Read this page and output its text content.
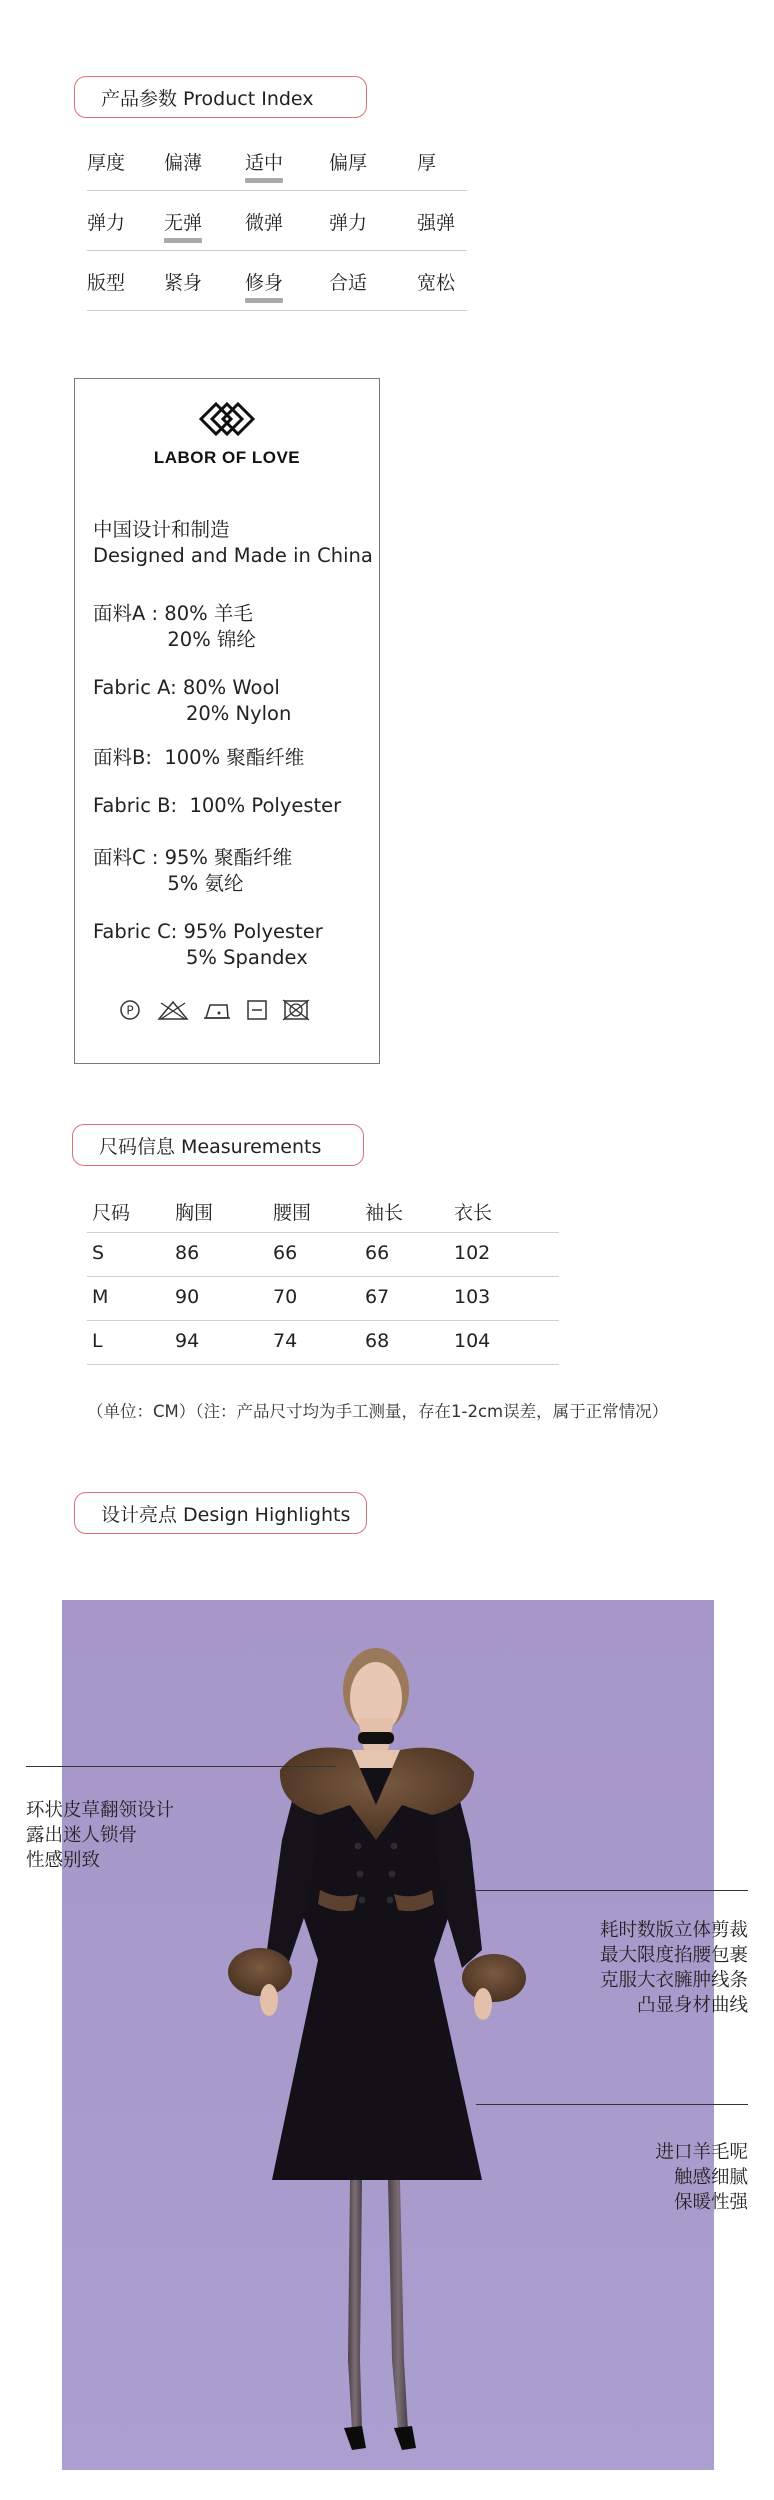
产品参数 Product Index
厚度	偏薄	适中	偏厚	厚
弹力	无弹	微弹	弹力	强弹
版型	紧身	修身	合适	宽松
LABOR OF LOVE
中国设计和制造
Designed and Made in China
面料A : 80% 羊毛
20% 锦纶
Fabric A: 80% Wool
20% Nylon
面料B:  100% 聚酯纤维
Fabric B:  100% Polyester
面料C : 95% 聚酯纤维
5% 氨纶
Fabric C: 95% Polyester
5% Spandex
P
尺码信息 Measurements
尺码 胸围	腰围	袖长	衣长
S	86	66	66	102
M	90	70	67	103
L	94	74	68	104
（单位：CM）（注：产品尺寸均为手工测量，存在1-2cm误差，属于正常情况）
设计亮点 Design Highlights
环状皮草翻领设计
露出迷人锁骨
性感别致
耗时数版立体剪裁
最大限度掐腰包裹
克服大衣臃肿线条
凸显身材曲线
进口羊毛呢
触感细腻
保暖性强
